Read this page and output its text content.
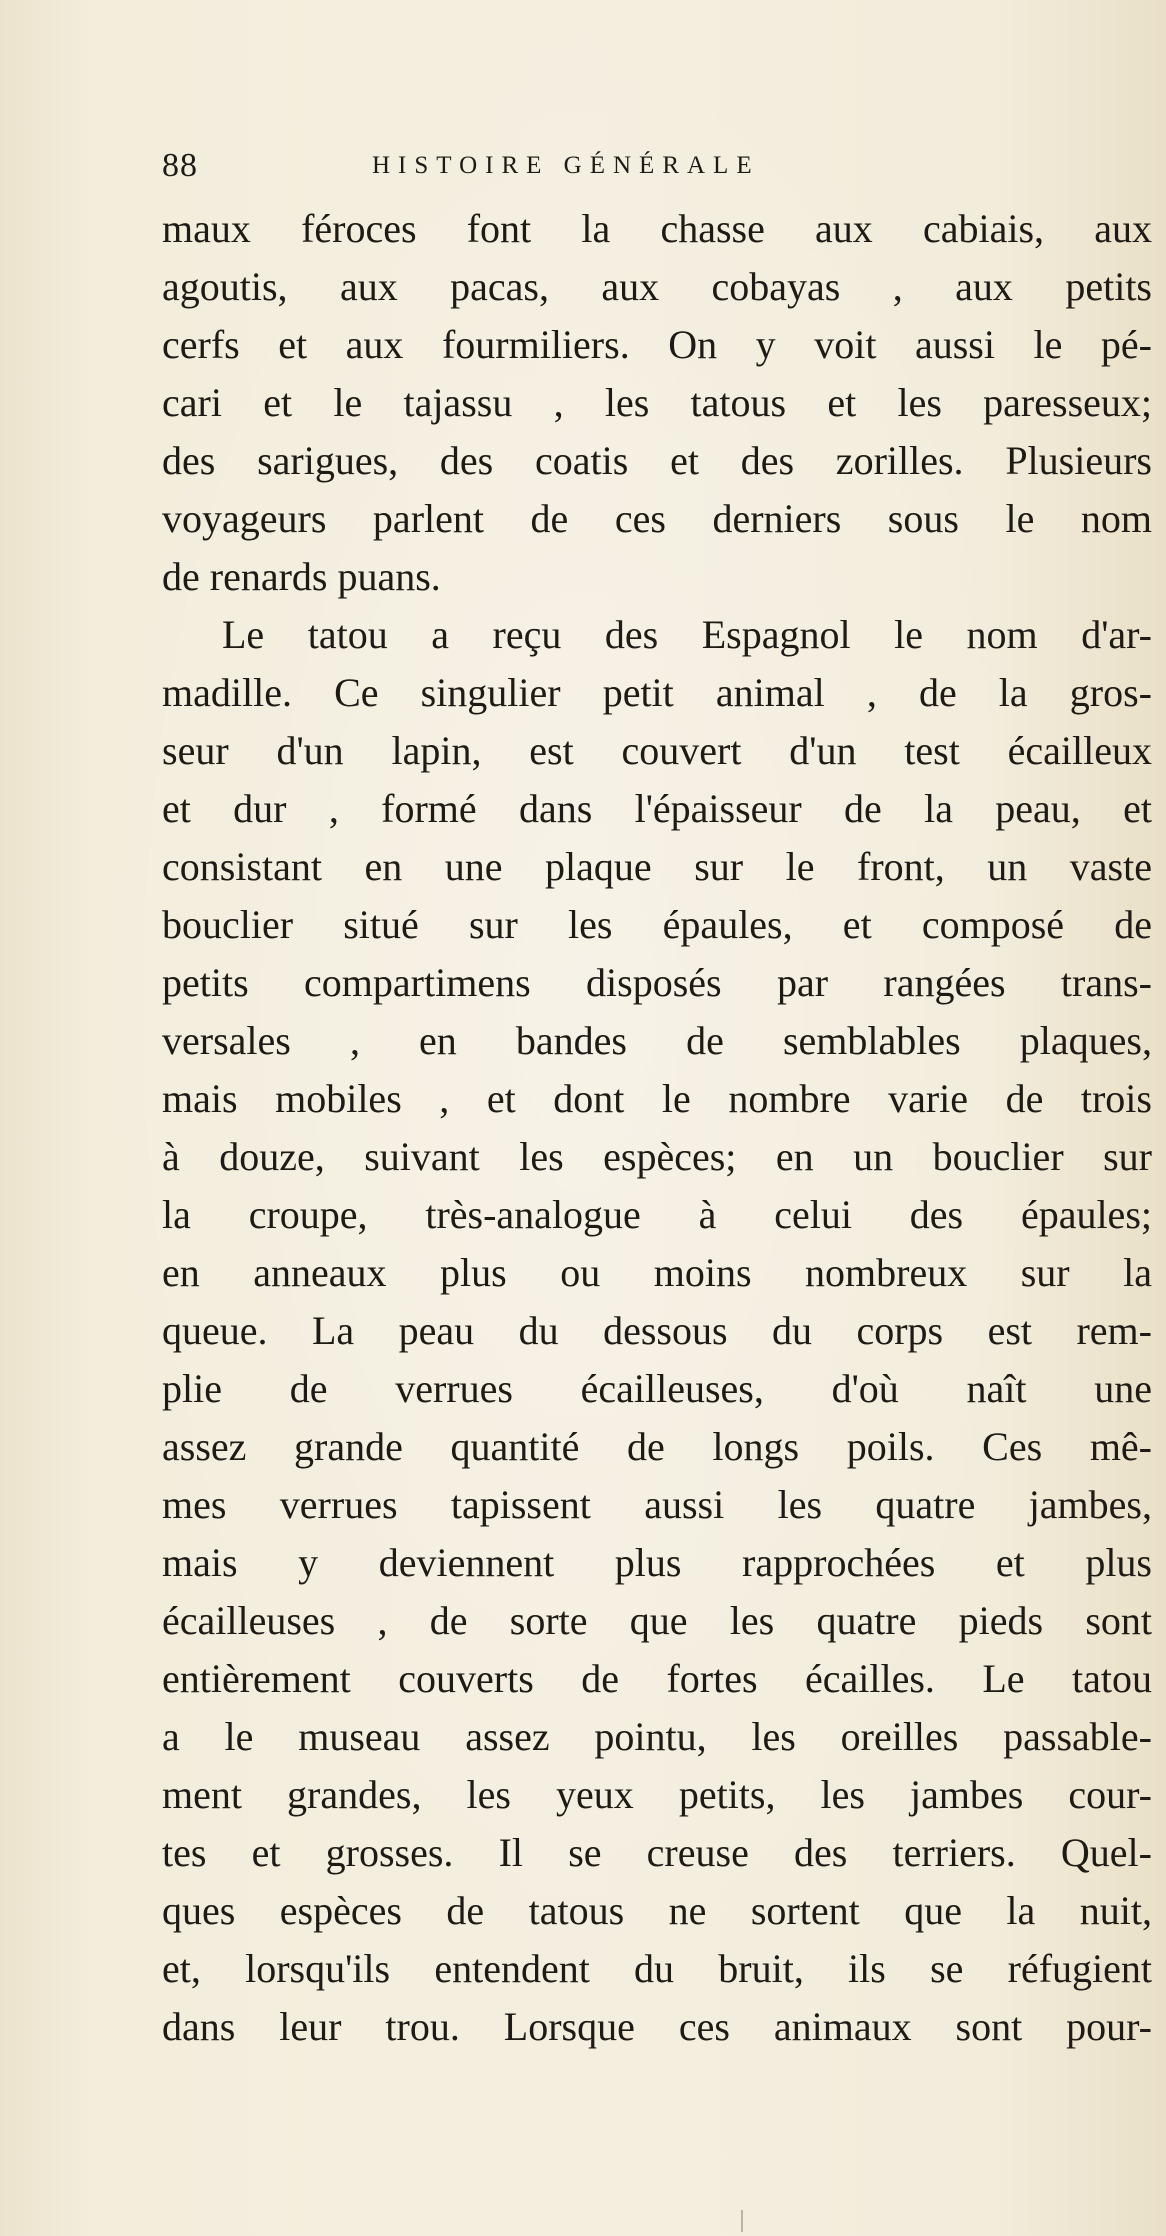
88	HISTOIRE GÉNÉRALE
maux féroces font la chasse aux cabiais, aux
agoutis, aux pacas, aux cobayas , aux petits
cerfs et aux fourmiliers. On y voit aussi le pé-
cari et le tajassu , les tatous et les paresseux;
des sarigues, des coatis et des zorilles. Plusieurs
voyageurs parlent de ces derniers sous le nom
de renards puans.
Le tatou a reçu des Espagnol le nom d'ar-
madille. Ce singulier petit animal , de la gros-
seur d'un lapin, est couvert d'un test écailleux
et dur , formé dans l'épaisseur de la peau, et
consistant en une plaque sur le front, un vaste
bouclier situé sur les épaules, et composé de
petits compartimens disposés par rangées trans-
versales , en bandes de semblables plaques,
mais mobiles , et dont le nombre varie de trois
à douze, suivant les espèces; en un bouclier sur
la croupe, très-analogue à celui des épaules;
en anneaux plus ou moins nombreux sur la
queue. La peau du dessous du corps est rem-
plie de verrues écailleuses, d'où naît une
assez grande quantité de longs poils. Ces mê-
mes verrues tapissent aussi les quatre jambes,
mais y deviennent plus rapprochées et plus
écailleuses , de sorte que les quatre pieds sont
entièrement couverts de fortes écailles. Le tatou
a le museau assez pointu, les oreilles passable-
ment grandes, les yeux petits, les jambes cour-
tes et grosses. Il se creuse des terriers. Quel-
ques espèces de tatous ne sortent que la nuit,
et, lorsqu'ils entendent du bruit, ils se réfugient
dans leur trou. Lorsque ces animaux sont pour-
